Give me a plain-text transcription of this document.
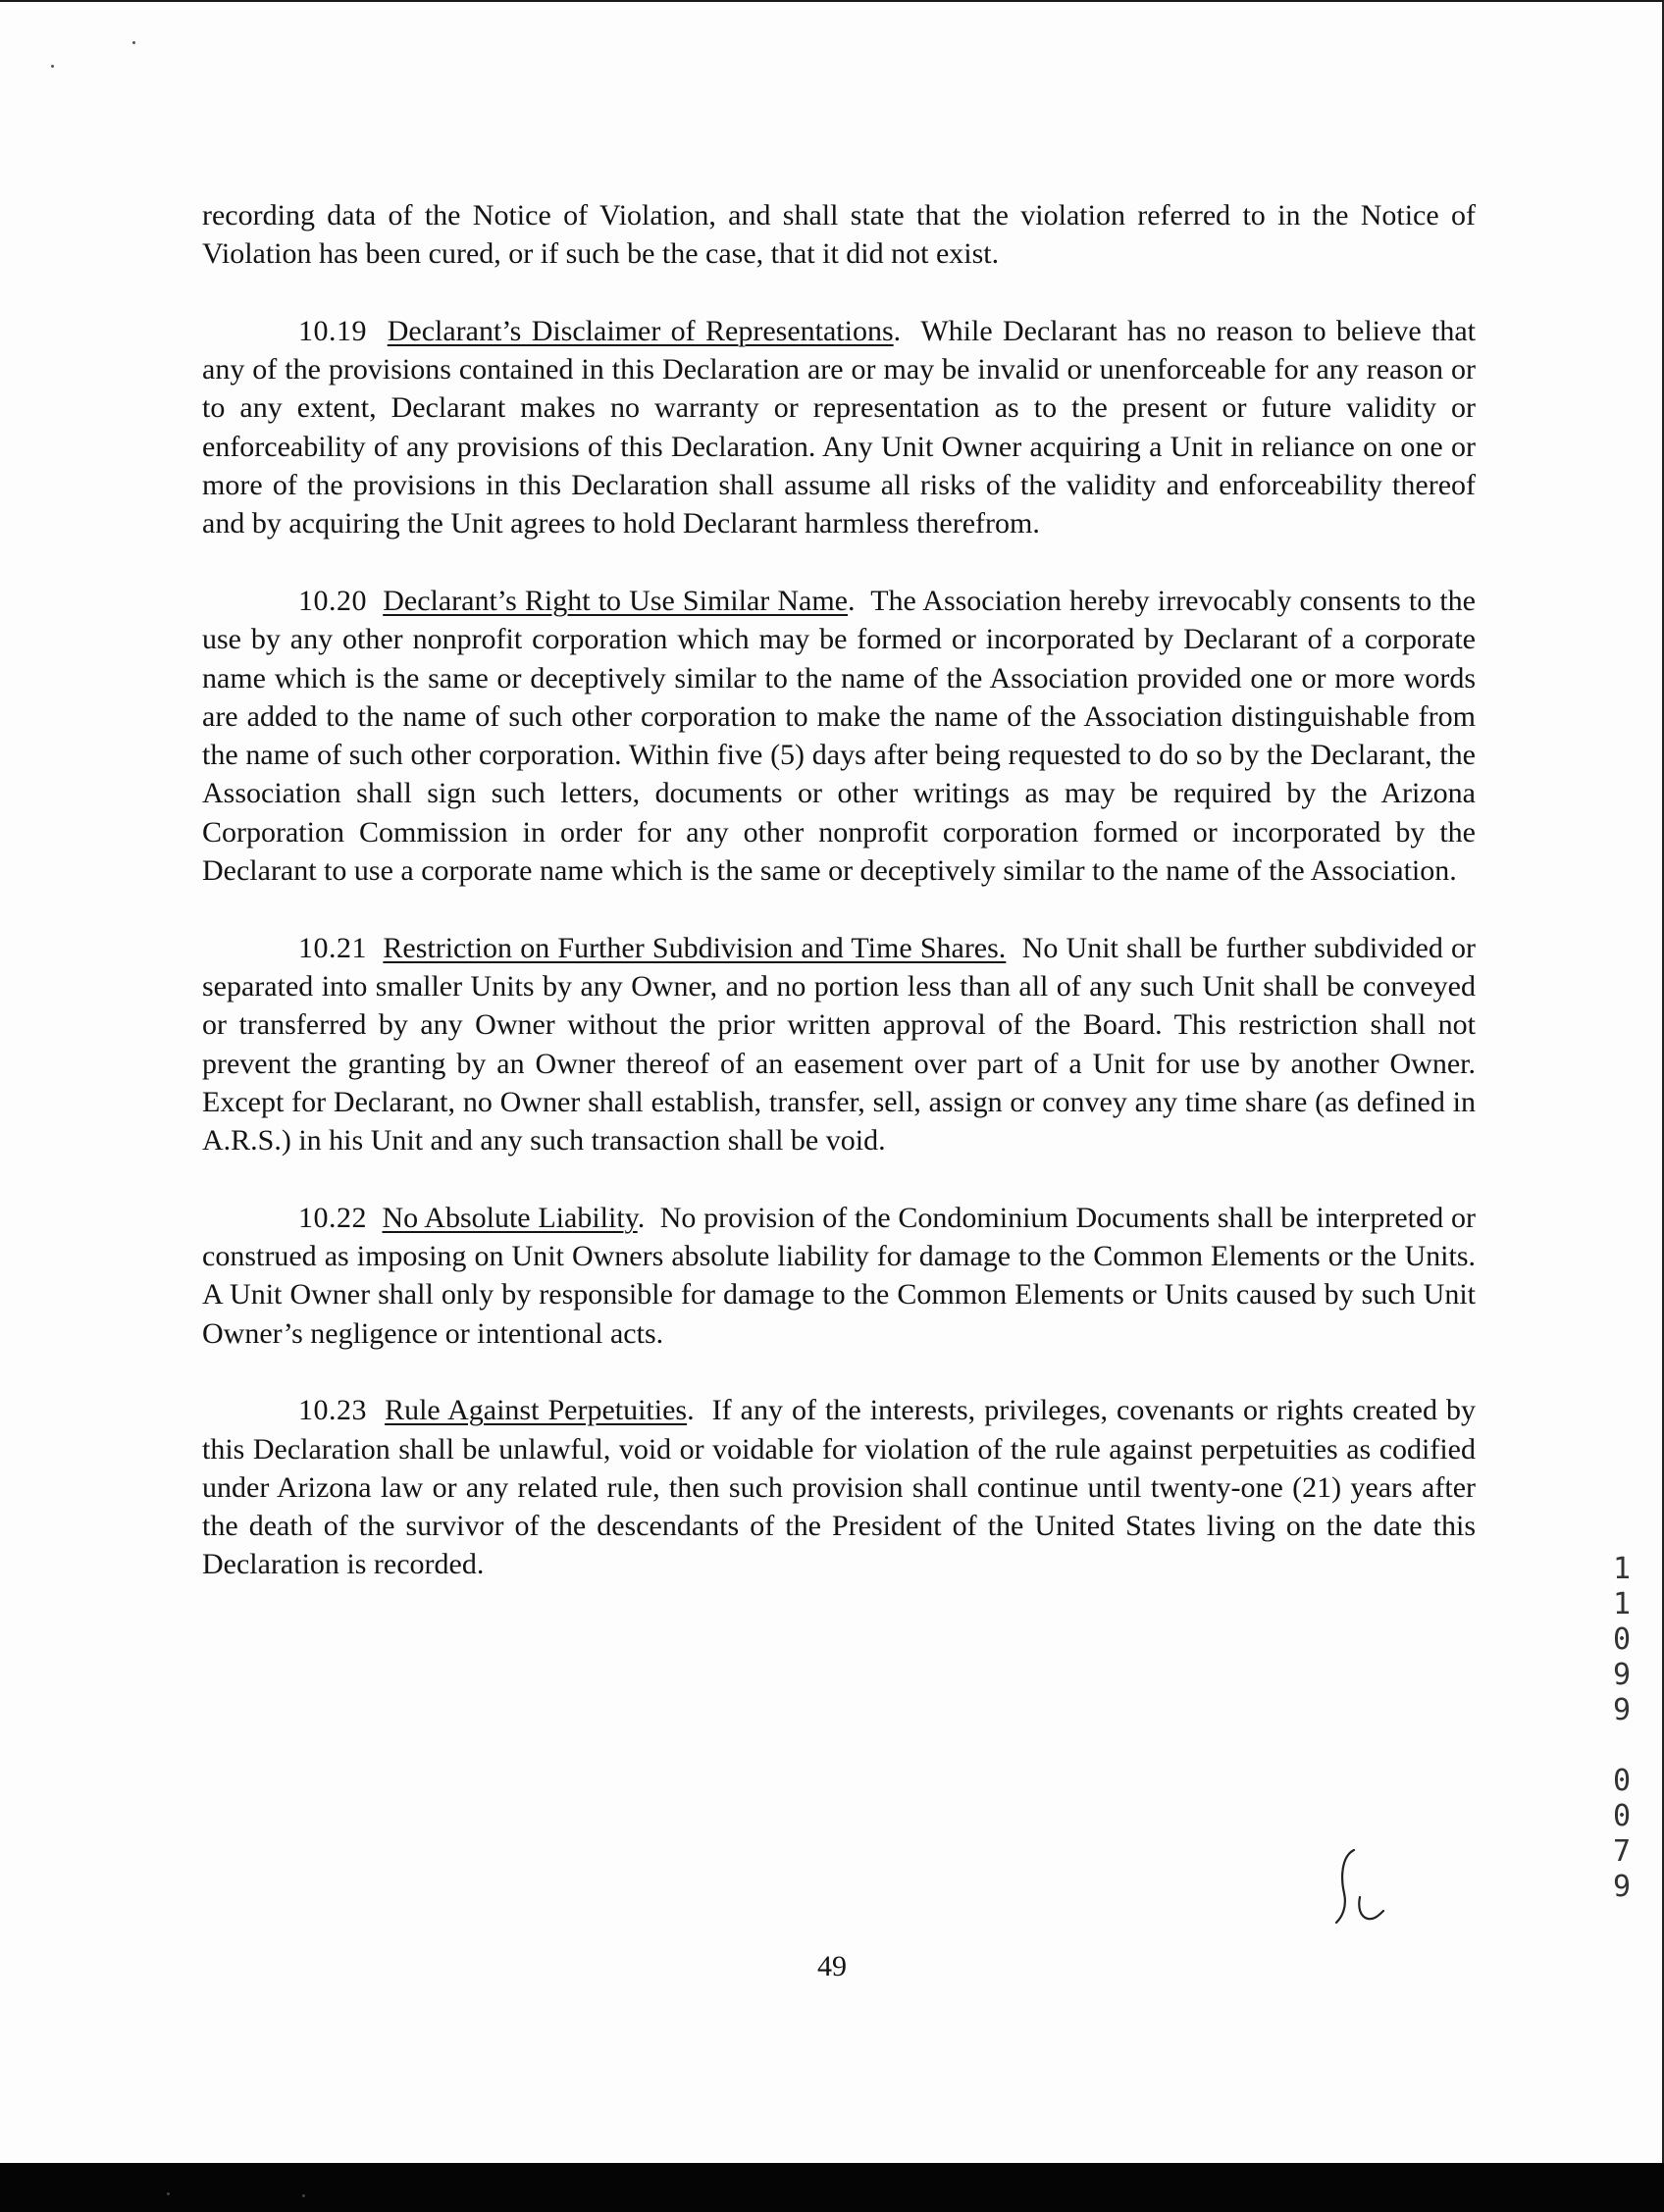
recording data of the Notice of Violation, and shall state that the violation referred to in the Notice of Violation has been cured, or if such be the case, that it did not exist.

10.19 Declarant’s Disclaimer of Representations. While Declarant has no reason to believe that any of the provisions contained in this Declaration are or may be invalid or unenforceable for any reason or to any extent, Declarant makes no warranty or representation as to the present or future validity or enforceability of any provisions of this Declaration. Any Unit Owner acquiring a Unit in reliance on one or more of the provisions in this Declaration shall assume all risks of the validity and enforceability thereof and by acquiring the Unit agrees to hold Declarant harmless therefrom.

10.20 Declarant’s Right to Use Similar Name. The Association hereby irrevocably consents to the use by any other nonprofit corporation which may be formed or incorporated by Declarant of a corporate name which is the same or deceptively similar to the name of the Association provided one or more words are added to the name of such other corporation to make the name of the Association distinguishable from the name of such other corporation. Within five (5) days after being requested to do so by the Declarant, the Association shall sign such letters, documents or other writings as may be required by the Arizona Corporation Commission in order for any other nonprofit corporation formed or incorporated by the Declarant to use a corporate name which is the same or deceptively similar to the name of the Association.

10.21 Restriction on Further Subdivision and Time Shares. No Unit shall be further subdivided or separated into smaller Units by any Owner, and no portion less than all of any such Unit shall be conveyed or transferred by any Owner without the prior written approval of the Board. This restriction shall not prevent the granting by an Owner thereof of an easement over part of a Unit for use by another Owner. Except for Declarant, no Owner shall establish, transfer, sell, assign or convey any time share (as defined in A.R.S.) in his Unit and any such transaction shall be void.

10.22 No Absolute Liability. No provision of the Condominium Documents shall be interpreted or construed as imposing on Unit Owners absolute liability for damage to the Common Elements or the Units. A Unit Owner shall only by responsible for damage to the Common Elements or Units caused by such Unit Owner’s negligence or intentional acts.

10.23 Rule Against Perpetuities. If any of the interests, privileges, covenants or rights created by this Declaration shall be unlawful, void or voidable for violation of the rule against perpetuities as codified under Arizona law or any related rule, then such provision shall continue until twenty-one (21) years after the death of the survivor of the descendants of the President of the United States living on the date this Declaration is recorded.	1
1
0
9
9
0
0
7
9
49
